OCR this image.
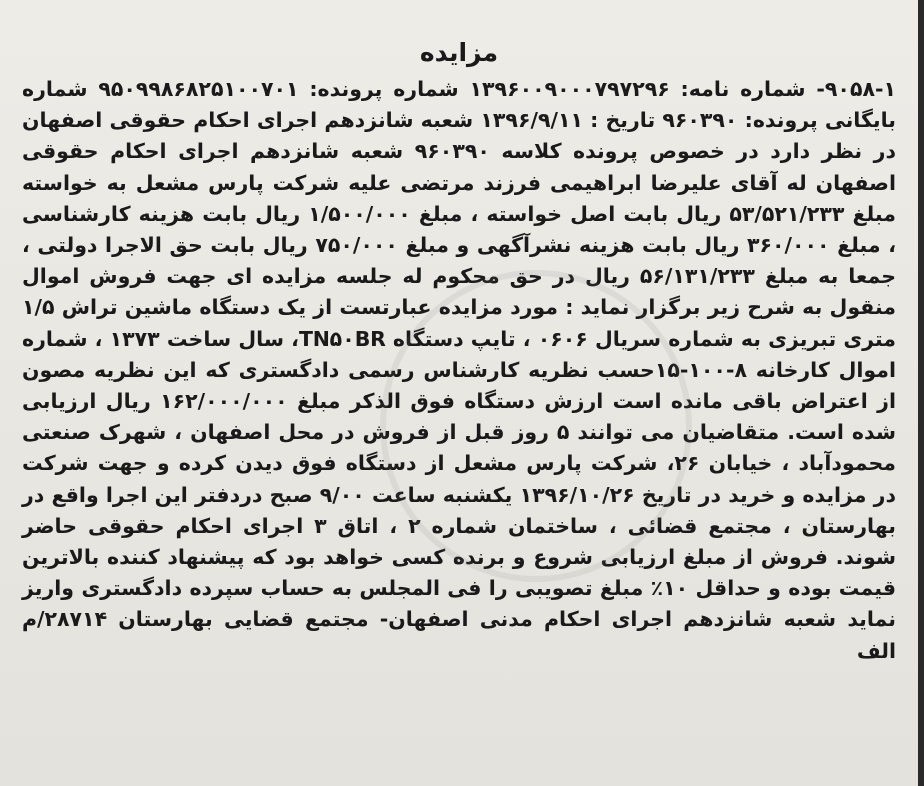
مزایده

۹۰۵۸-۱- شماره نامه: ۱۳۹۶۰۰۹۰۰۰۷۹۷۲۹۶ شماره پرونده: ۹۵۰۹۹۸۶۸۲۵۱۰۰۷۰۱ شماره بایگانی پرونده: ۹۶۰۳۹۰ تاریخ : ۱۳۹۶/۹/۱۱ شعبه شانزدهم اجرای احکام حقوقی اصفهان در نظر دارد در خصوص پرونده کلاسه ۹۶۰۳۹۰ شعبه شانزدهم اجرای احکام حقوقی اصفهان له آقای علیرضا ابراهیمی فرزند مرتضی علیه شرکت پارس مشعل به خواسته مبلغ ۵۳/۵۲۱/۲۳۳ ریال بابت اصل خواسته ، مبلغ ۱/۵۰۰/۰۰۰ ریال بابت هزینه کارشناسی ، مبلغ ۳۶۰/۰۰۰ ریال بابت هزینه نشرآگهی و مبلغ ۷۵۰/۰۰۰ ریال بابت حق الاجرا دولتی ، جمعا به مبلغ ۵۶/۱۳۱/۲۳۳ ریال در حق محکوم له جلسه مزایده ای جهت فروش اموال منقول به شرح زیر برگزار نماید : مورد مزایده عبارتست از یک دستگاه ماشین تراش ۱/۵ متری تبریزی به شماره سریال ۰۶۰۶ ، تایپ دستگاه TN۵۰BR، سال ساخت ۱۳۷۳ ، شماره اموال کارخانه ۸-۱۰۰-۱۵حسب نظریه کارشناس رسمی دادگستری که این نظریه مصون از اعتراض باقی مانده است ارزش دستگاه فوق الذکر مبلغ ۱۶۲/۰۰۰/۰۰۰ ریال ارزیابی شده است. متقاضیان می توانند ۵ روز قبل از فروش در محل اصفهان ، شهرک صنعتی محمودآباد ، خیابان ۲۶، شرکت پارس مشعل از دستگاه فوق دیدن کرده و جهت شرکت در مزایده و خرید در تاریخ ۱۳۹۶/۱۰/۲۶ یکشنبه ساعت ۹/۰۰ صبح دردفتر این اجرا واقع در بهارستان ، مجتمع قضائی ، ساختمان شماره ۲ ، اتاق ۳ اجرای احکام حقوقی حاضر شوند. فروش از مبلغ ارزیابی شروع و برنده کسی خواهد بود که پیشنهاد کننده بالاترین قیمت بوده و حداقل ۱۰٪ مبلغ تصویبی را فی المجلس به حساب سپرده دادگستری واریز نماید شعبه شانزدهم اجرای احکام مدنی اصفهان- مجتمع قضایی بهارستان ۲۸۷۱۴/م الف
